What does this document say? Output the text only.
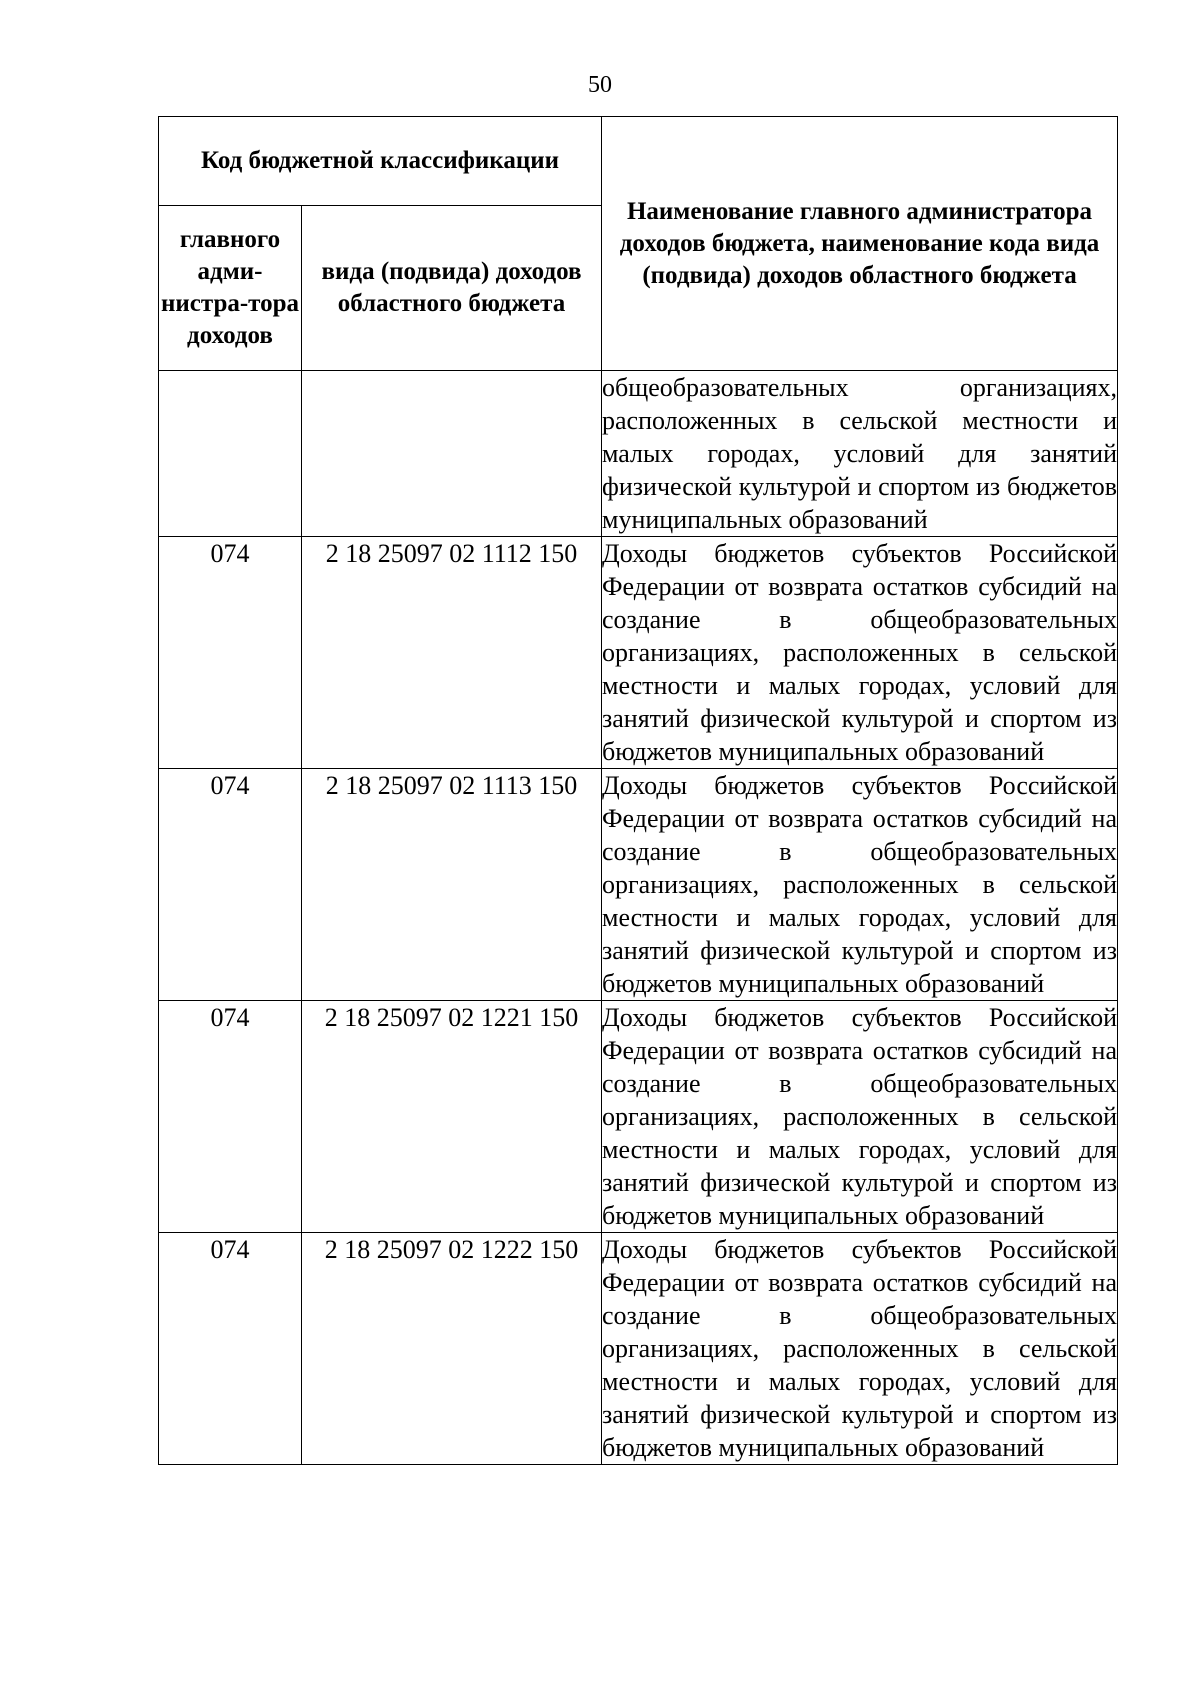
50
Код бюджетной классификации		Наименование главного администратора доходов бюджета, наименование кода вида (подвида) доходов областного бюджета
главного адми-нистра-тора доходов	вида (подвида) доходов областного бюджета	
		общеобразовательных организациях, расположенных в сельской местности и малых городах, условий для занятий физической культурой и спортом из бюджетов муниципальных образований
074	2 18 25097 02 1112 150	Доходы бюджетов субъектов Российской Федерации от возврата остатков субсидий на создание в общеобразовательных организациях, расположенных в сельской местности и малых городах, условий для занятий физической культурой и спортом из бюджетов муниципальных образований
074	2 18 25097 02 1113 150	Доходы бюджетов субъектов Российской Федерации от возврата остатков субсидий на создание в общеобразовательных организациях, расположенных в сельской местности и малых городах, условий для занятий физической культурой и спортом из бюджетов муниципальных образований
074	2 18 25097 02 1221 150	Доходы бюджетов субъектов Российской Федерации от возврата остатков субсидий на создание в общеобразовательных организациях, расположенных в сельской местности и малых городах, условий для занятий физической культурой и спортом из бюджетов муниципальных образований
074	2 18 25097 02 1222 150	Доходы бюджетов субъектов Российской Федерации от возврата остатков субсидий на создание в общеобразовательных организациях, расположенных в сельской местности и малых городах, условий для занятий физической культурой и спортом из бюджетов муниципальных образований
